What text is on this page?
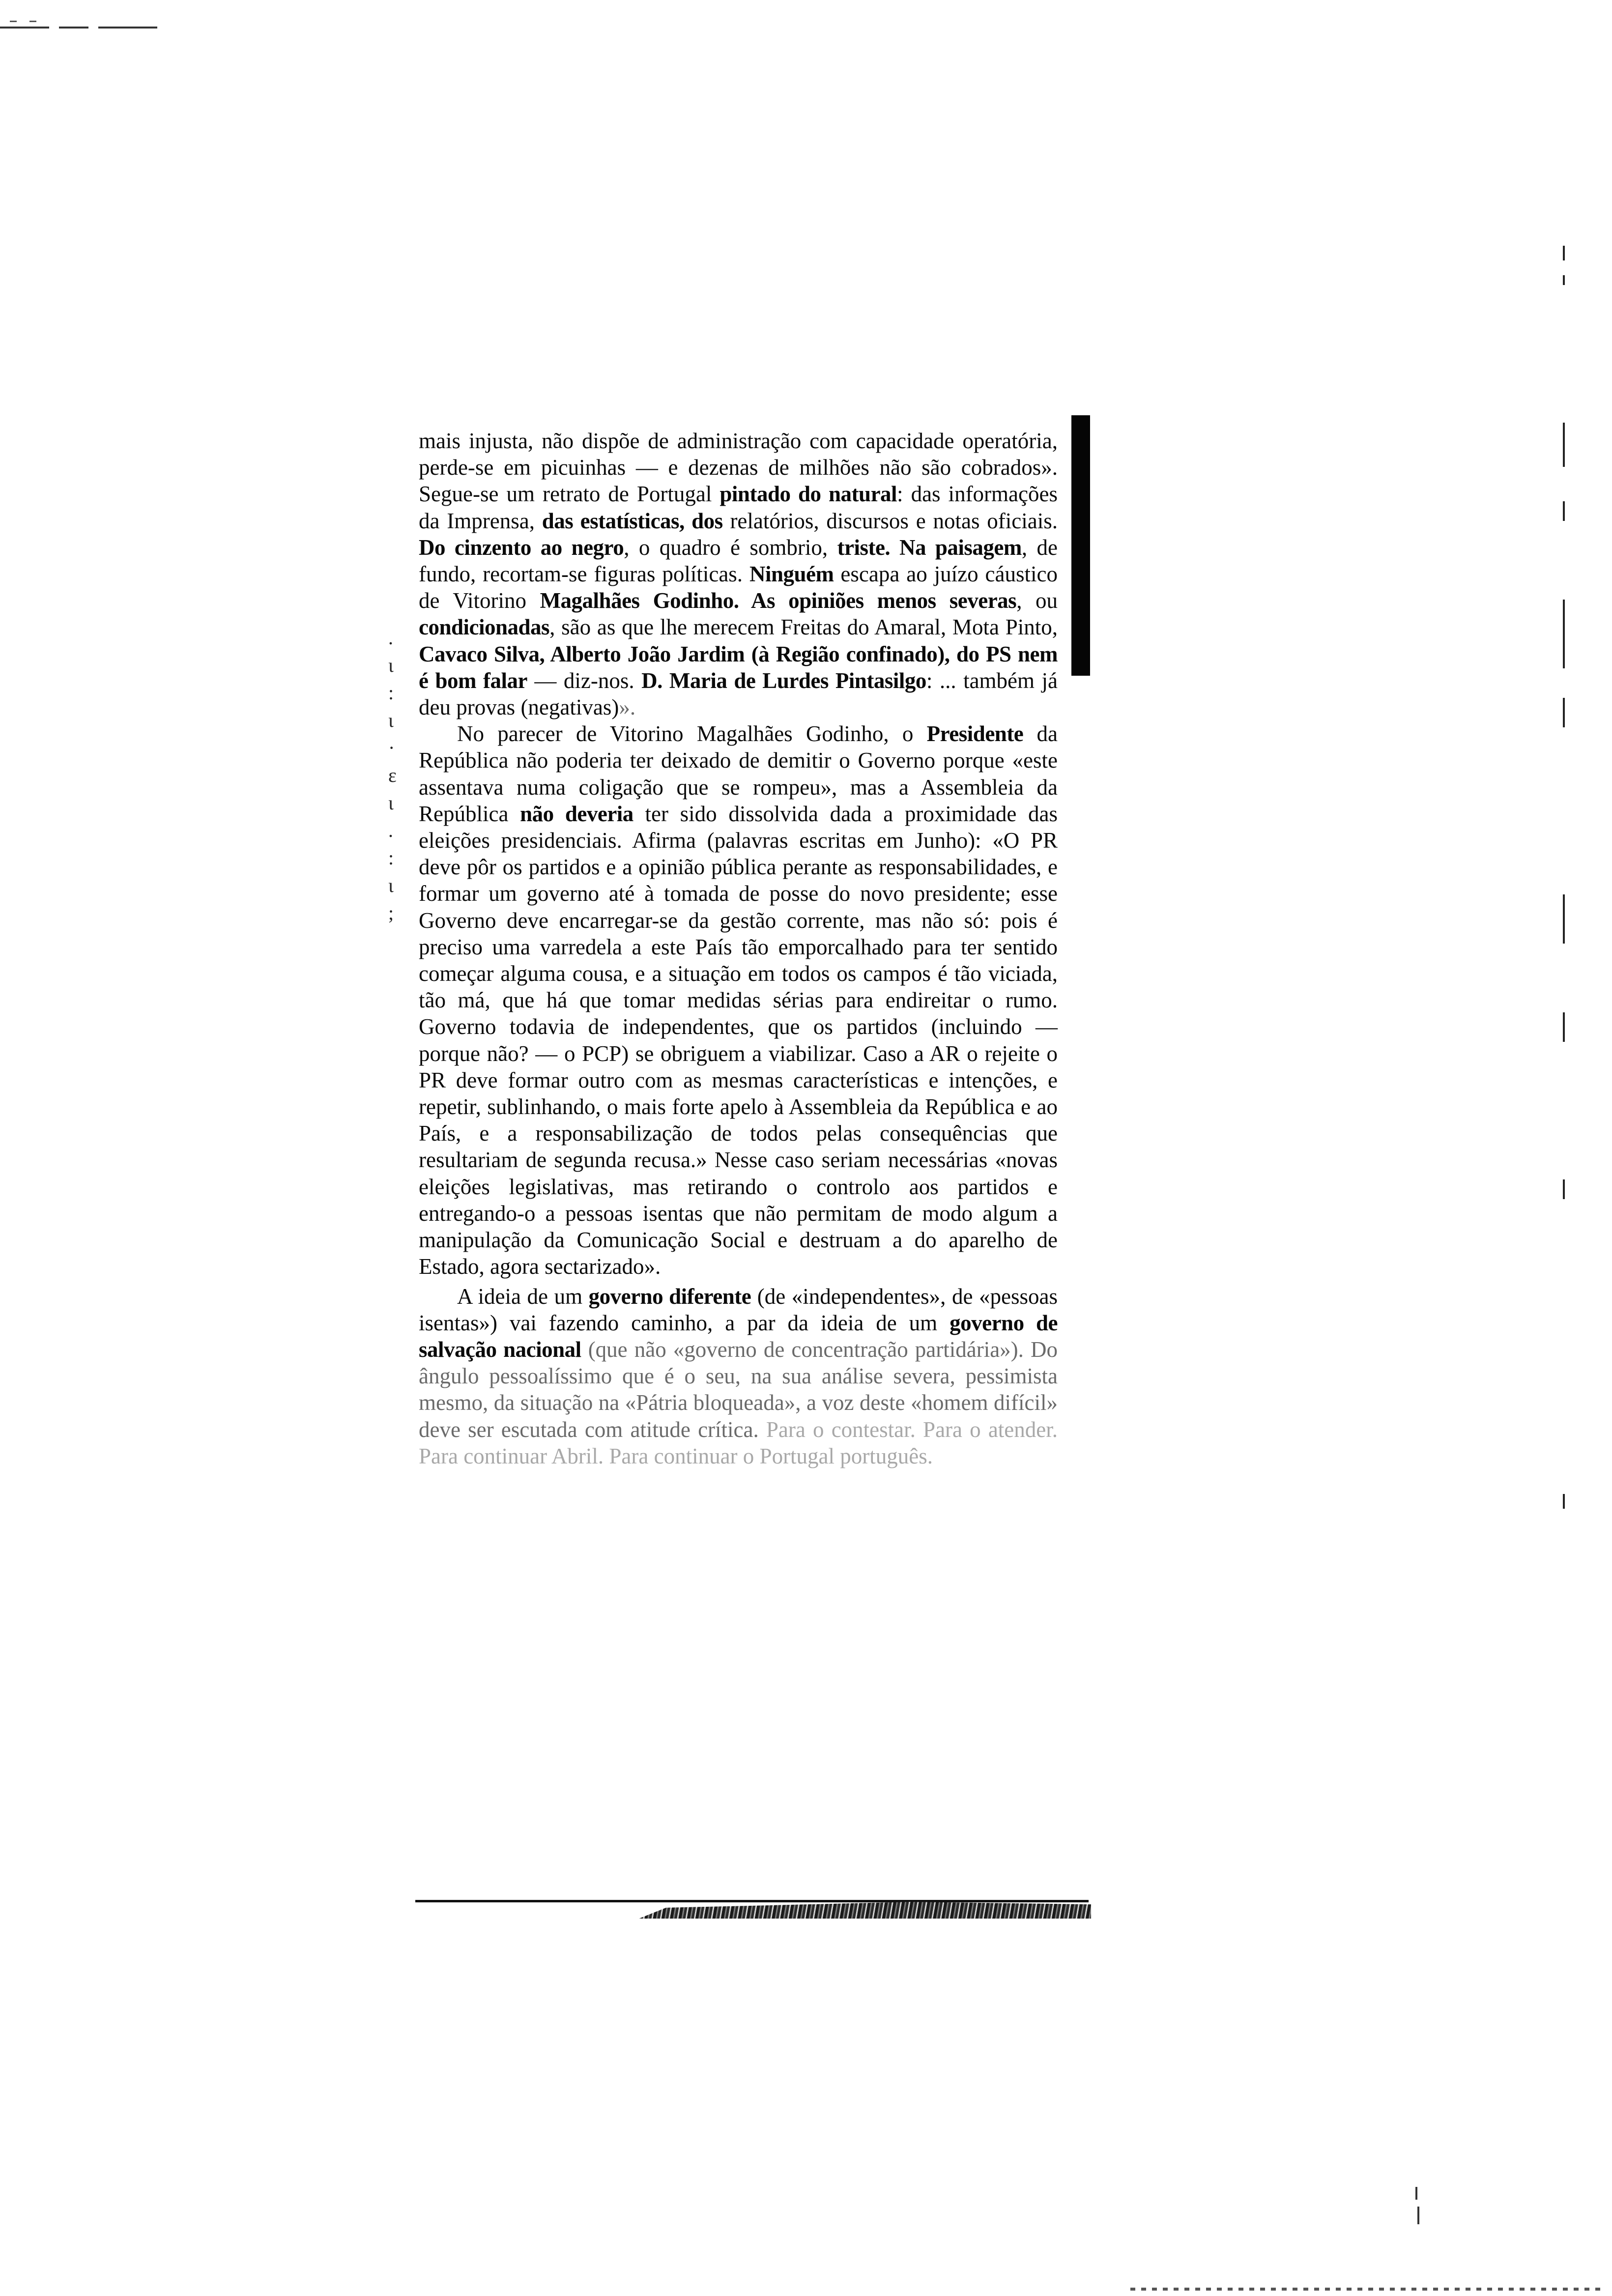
.
ι
:
ι
·
ɛ
ι
.
:
ι
;

mais injusta, não dispõe de administração com capacidade operatória, perde-se em picuinhas — e dezenas de milhões não são cobrados». Segue-se um retrato de Portugal pintado do natural: das informações da Imprensa, das estatísticas, dos relatórios, discursos e notas oficiais. Do cinzento ao negro, o quadro é sombrio, triste. Na paisagem, de fundo, recortam-se figuras políticas. Ninguém escapa ao juízo cáustico de Vitorino Magalhães Godinho. As opiniões menos severas, ou condicionadas, são as que lhe merecem Freitas do Amaral, Mota Pinto, Cavaco Silva, Alberto João Jardim (à Região confinado), do PS nem é bom falar — diz-nos. D. Maria de Lurdes Pintasilgo: ... também já deu provas (negativas)».

No parecer de Vitorino Magalhães Godinho, o Presidente da República não poderia ter deixado de demitir o Governo porque «este assentava numa coligação que se rompeu», mas a Assembleia da República não deveria ter sido dissolvida dada a proximidade das eleições presidenciais. Afirma (palavras escritas em Junho): «O PR deve pôr os partidos e a opinião pública perante as responsabilidades, e formar um governo até à tomada de posse do novo presidente; esse Governo deve encarregar-se da gestão corrente, mas não só: pois é preciso uma varredela a este País tão emporcalhado para ter sentido começar alguma cousa, e a situação em todos os campos é tão viciada, tão má, que há que tomar medidas sérias para endireitar o rumo. Governo todavia de independentes, que os partidos (incluindo — porque não? — o PCP) se obriguem a viabilizar. Caso a AR o rejeite o PR deve formar outro com as mesmas características e intenções, e repetir, sublinhando, o mais forte apelo à Assembleia da República e ao País, e a responsabilização de todos pelas consequências que resultariam de segunda recusa.» Nesse caso seriam necessárias «novas eleições legislativas, mas retirando o controlo aos partidos e entregando-o a pessoas isentas que não permitam de modo algum a manipulação da Comunicação Social e destruam a do aparelho de Estado, agora sectarizado».

A ideia de um governo diferente (de «independentes», de «pessoas isentas») vai fazendo caminho, a par da ideia de um governo de salvação nacional (que não «governo de concentração partidária»). Do ângulo pessoalíssimo que é o seu, na sua análise severa, pessimista mesmo, da situação na «Pátria bloqueada», a voz deste «homem difícil» deve ser escutada com atitude crítica. Para o contestar. Para o atender. Para continuar Abril. Para continuar o Portugal português.
